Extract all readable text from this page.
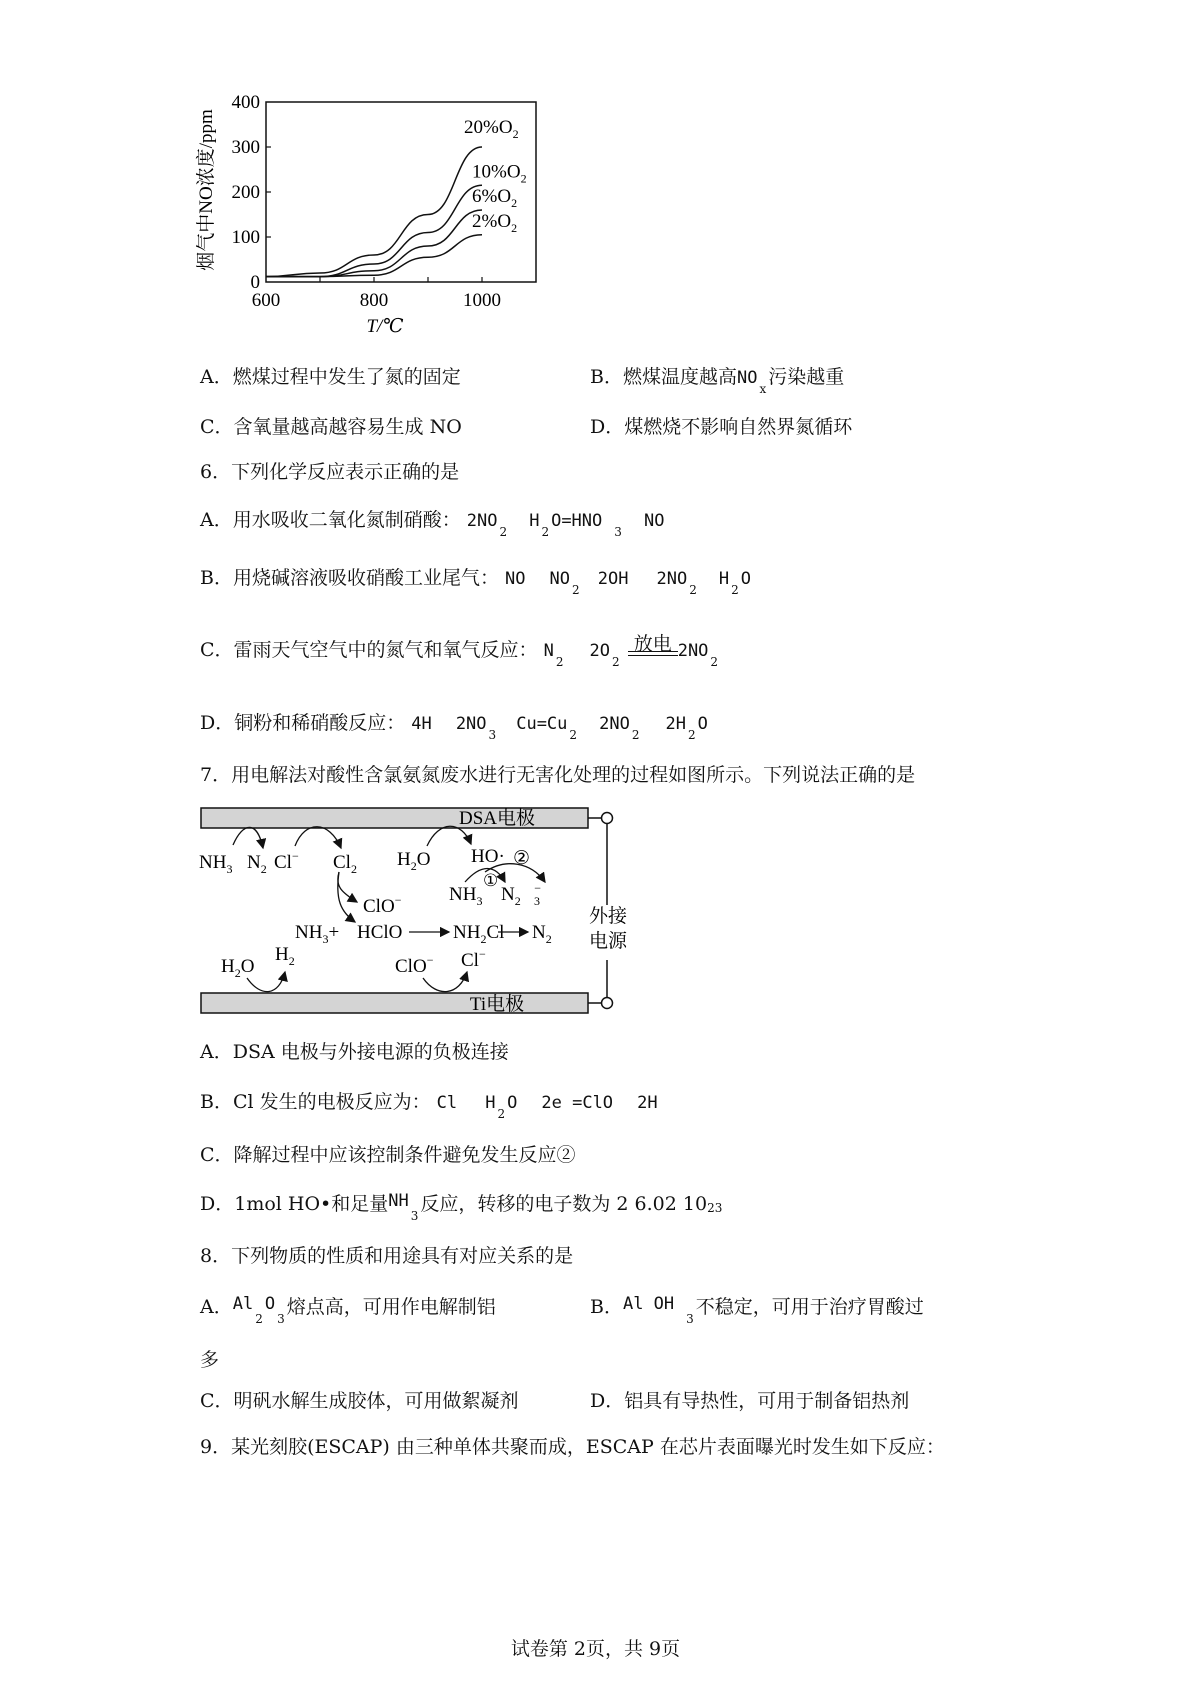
烟气中NO浓度/ppm
T/℃
0
100
200
300
400
600	800	1000
$20\%O_2$
$10\%O_2$
$6\%O_2$
$2\%O_2$
A．燃煤过程中发生了氮的固定	B．燃煤温度越高$NO_x$污染越重
C．含氧量越高越容易生成 NO	D．煤燃烧不影响自然界氮循环
6．下列化学反应表示正确的是
A．用水吸收二氧化氮制硝酸： $2NO_2$ $H_2O=HNO_3$ NO
B．用烧碱溶液吸收硝酸工业尾气： NO $NO_2$ 2OH $2NO_2$ $H_2O$
C．雷雨天气空气中的氮气和氧气反应： $N_2$ $2O_2$
放电 $2NO_2$
D．铜粉和稀硝酸反应： 4H $2NO_3$ $Cu=Cu_2$ $2NO_2$ $2H_2O$
7．用电解法对酸性含氯氨氮废水进行无害化处理的过程如图所示。下列说法正确的是
DSA电极
Ti电极
外接
电源
$NH_3$ $N_2$ Cl− $Cl_2$ $H_2O$ HO· ②
$NH_3$
①
$N_2$
− 3
ClO−
$NH_3+$ HClO	$NH_2Cl$ $N_2$
$H_2O$
$H_2$	ClO− Cl−
A．DSA 电极与外接电源的负极连接
B．Cl 发生的电极反应为： Cl $H_2O$ 2e =ClO 2H
C．降解过程中应该控制条件避免发生反应②
D．1mol HO•和足量$NH_3$反应，转移的电子数为 2 6.02 1023
8．下列物质的性质和用途具有对应关系的是
A．$Al_2O_3$熔点高，可用作电解制铝	B．Al $OH_3$不稳定，可用于治疗胃酸过
多
C．明矾水解生成胶体，可用做絮凝剂	D．铝具有导热性，可用于制备铝热剂
9．某光刻胶(ESCAP) 由三种单体共聚而成，ESCAP 在芯片表面曝光时发生如下反应：
试卷第 2页，共 9页
